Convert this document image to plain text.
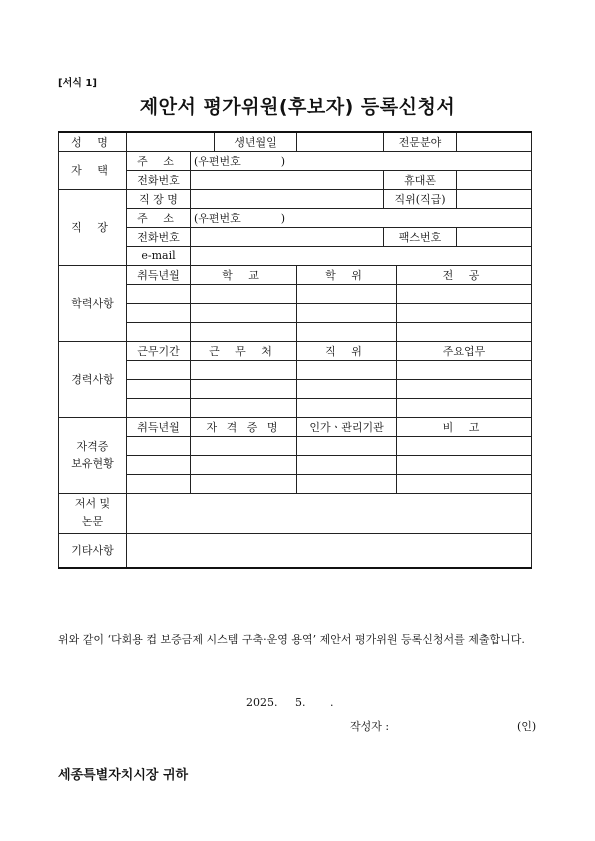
[서식 1]
제안서 평가위원(후보자) 등록신청서
성 명			생년월일		전문분야		
자 택	주 소	(우편번호 )					
	전화번호				휴대폰		
직 장	직 장 명				직위(직급)		
	주 소	(우편번호 )					
	전화번호				팩스번호		
	e-mail						
학력사항	취득년월	학 교		학 위		전 공	

경력사항	근무기간	근 무 처		직 위		주요업무	

자격증
보유현황	취득년월	자 격 증 명		인가ㆍ관리기관		비 고	

저서 및
논문							
기타사항							
위와 같이 ‘다회용 컵 보증금제 시스템 구축·운영 용역’ 제안서 평가위원 등록신청서를 제출합니다.
2025.     5.       .
작성자 :	(인)
세종특별자치시장 귀하
